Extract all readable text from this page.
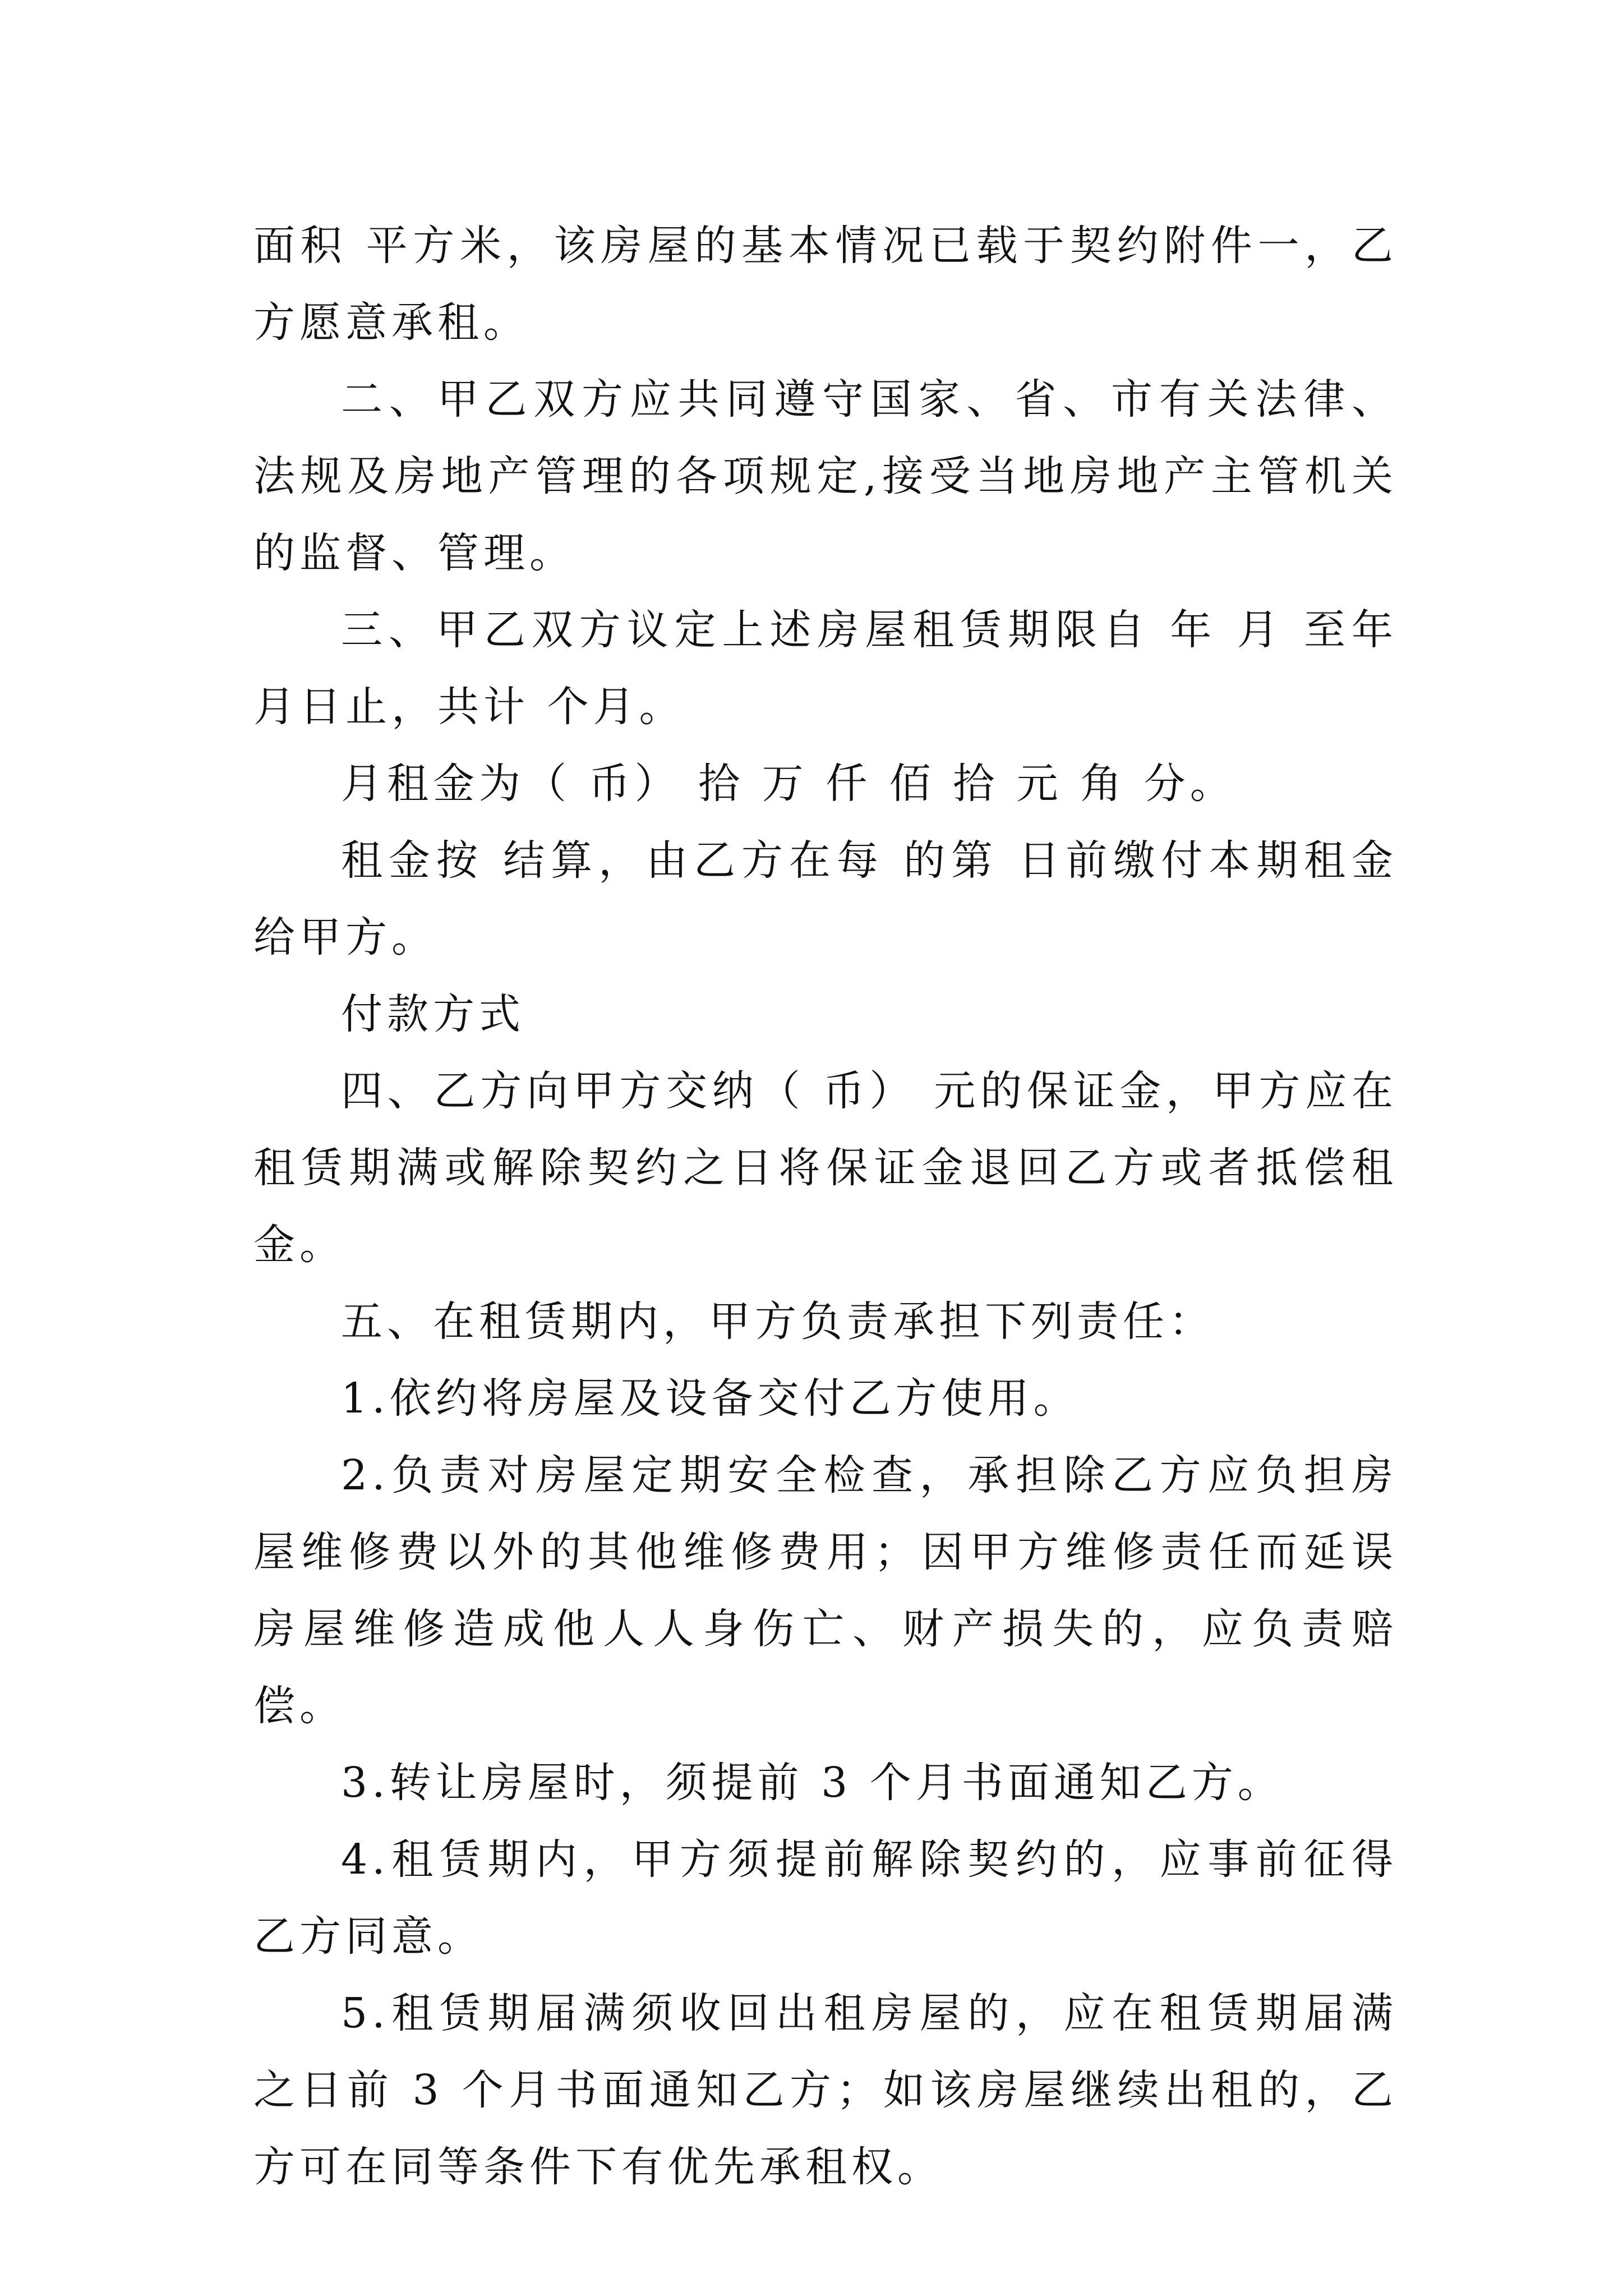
面积 平方米，该房屋的基本情况已载于契约附件一，乙方愿意承租。

二、甲乙双方应共同遵守国家、省、市有关法律、法规及房地产管理的各项规定,接受当地房地产主管机关的监督、管理。

三、甲乙双方议定上述房屋租赁期限自 年 月 至年 月日止，共计 个月。

月租金为（ 币） 拾 万 仟 佰 拾 元 角 分。

租金按 结算，由乙方在每 的第 日前缴付本期租金给甲方。

付款方式

四、乙方向甲方交纳（ 币） 元的保证金，甲方应在租赁期满或解除契约之日将保证金退回乙方或者抵偿租金。

五、在租赁期内，甲方负责承担下列责任：

1.依约将房屋及设备交付乙方使用。

2.负责对房屋定期安全检查，承担除乙方应负担房屋维修费以外的其他维修费用；因甲方维修责任而延误房屋维修造成他人人身伤亡、财产损失的，应负责赔偿。

3.转让房屋时，须提前 3 个月书面通知乙方。

4.租赁期内，甲方须提前解除契约的，应事前征得乙方同意。

5.租赁期届满须收回出租房屋的，应在租赁期届满之日前 3 个月书面通知乙方；如该房屋继续出租的，乙方可在同等条件下有优先承租权。
